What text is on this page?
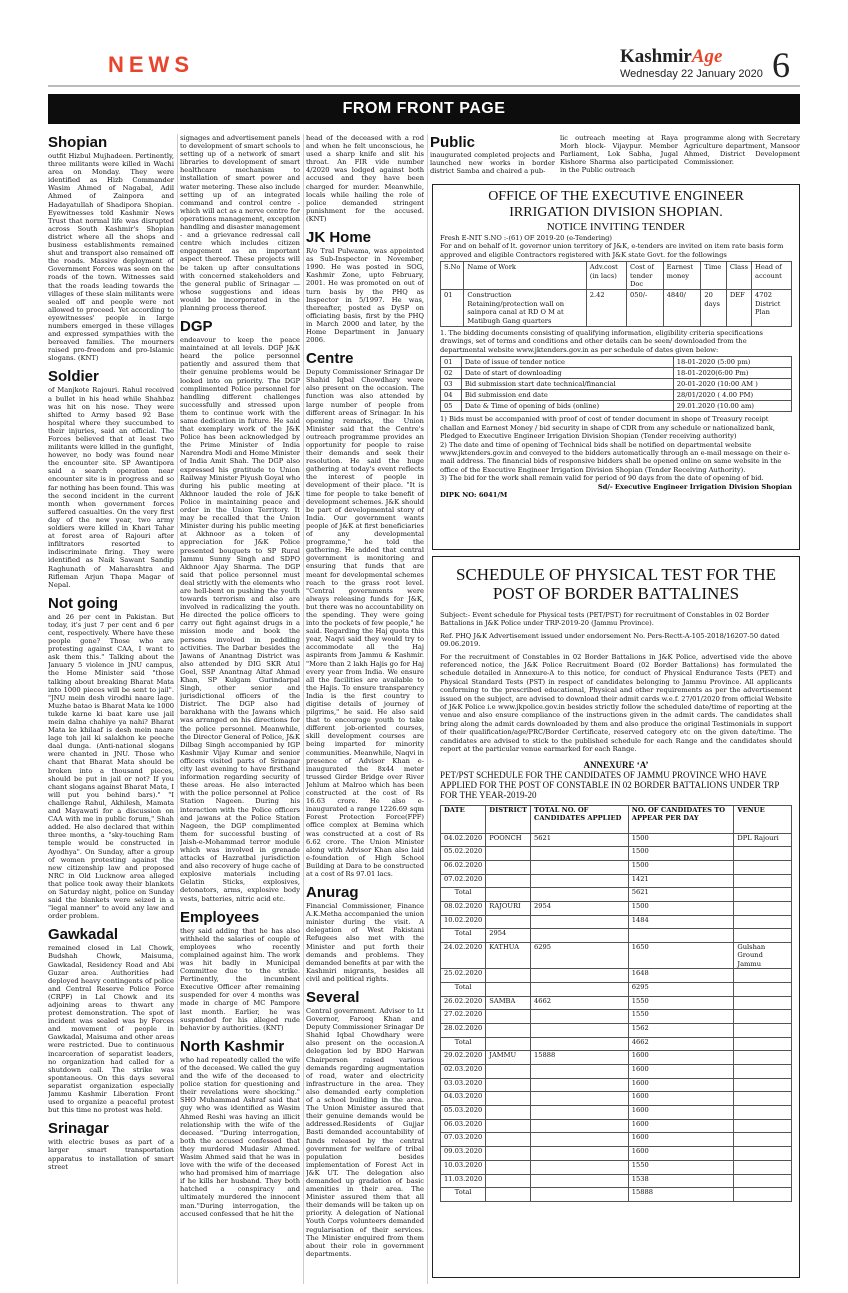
NEWS	KashmirAge
Wednesday 22 January 2020 6
FROM FRONT PAGE
Shopian

outfit Hizbul Mujhadeen. Pertinently, three militants were killed in Wachi area on Monday. They were identified as Hizb Commander Wasim Ahmed of Nagabal, Adil Ahmed of Zainpora and Hadayatullah of Shadipora Shopian. Eyewitnesses told Kashmir News Trust that normal life was disrupted across South Kashmir's Shopian district where all the shops and business establishments remained shut and transport also remained off the roads. Massive deployment of Government Forces was seen on the roads of the town. Witnesses said that the roads leading towards the villages of these slain militants were sealed off and people were not allowed to proceed. Yet according to eyewitnesses' people in large numbers emerged in these villages and expressed sympathies with the bereaved families. The mourners raised pro-freedom and pro-Islamic slogans. (KNT)

Soldier

of Manjkote Rajouri. Rahul received a bullet in his head while Shahbaz was hit on his nose. They were shifted to Army based 92 Base hospital where they succumbed to their injuries, said an official. The Forces believed that at least two militants were killed in the gunfight, however, no body was found near the encounter site. SP Awantipora said a search operation near encounter site is in progress and so far nothing has been found. This was the second incident in the current month when government forces suffered casualties. On the very first day of the new year, two army soldiers were killed in Khari Tahar at forest area of Rajouri after infiltrators resorted to indiscriminate firing. They were identified as Naik Sawant Sandip Raghunath of Maharashtra and Rifleman Arjun Thapa Magar of Nepal.

Not going

and 26 per cent in Pakistan. But today, it's just 7 per cent and 6 per cent, respectively. Where have these people gone? Those who are protesting against CAA, I want to ask them this." Talking about the January 5 violence in JNU campus, the Home Minister said "those talking about breaking Bharat Mata into 1000 pieces will be sent to jail". "JNU mein desh virodhi naare lage. Muzhe batao is Bharat Mata ke 1000 tukde karne ki baat kare use jail mein dalna chahiye ya nahi? Bharat Mata ke khilaaf is desh mein naare lage toh jail ki salakhon ke peeche daal dunga. (Anti-national slogans were chanted in JNU. Those who chant that Bharat Mata should be broken into a thousand pieces, should be put in jail or not? If you chant slogans against Bharat Mata, I will put you behind bars)." "I challenge Rahul, Akhilesh, Mamata and Mayawati for a discussion on CAA with me in public forum," Shah added. He also declared that within three months, a "sky-touching Ram temple would be constructed in Ayodhya". On Sunday, after a group of women protesting against the new citizenship law and proposed NRC in Old Lucknow area alleged that police took away their blankets on Saturday night, police on Sunday said the blankets were seized in a "legal manner" to avoid any law and order problem.

Gawkadal

remained closed in Lal Chowk, Budshah Chowk, Maisuma, Gawkadal, Residency Road and Abi Guzar area. Authorities had deployed heavy contingents of police and Central Reserve Police Force (CRPF) in Lal Chowk and its adjoining areas to thwart any protest demonstration. The spot of incident was sealed was by Forces and movement of people in Gawkadal, Maisuma and other areas were restricted. Due to continuous incarceration of separatist leaders, no organization had called for a shutdown call. The strike was spontaneous. On this days several separatist organization especially Jammu Kashmir Liberation Front used to organize a peaceful protest but this time no protest was held.

Srinagar

with electric buses as part of a larger smart transportation apparatus to installation of smart street

signages and advertisement panels to development of smart schools to setting up of a network of smart libraries to development of smart healthcare mechanism to installation of smart power and water metering. These also include setting up of an integrated command and control centre - which will act as a nerve centre for operations management, exception handling and disaster management - and a grievance redressal call centre which includes citizen engagement as an important aspect thereof. These projects will be taken up after consultations with concerned stakeholders and the general public of Srinagar — whose suggestions and ideas would be incorporated in the planning process thereof.

DGP

endeavour to keep the peace maintained at all levels. DGP J&K heard the police personnel patiently and assured them that their genuine problems would be looked into on priority. The DGP complimented Police personnel for handling different challenges successfully and stressed upon them to continue work with the same dedication in future. He said that exemplary work of the J&K Police has been acknowledged by the Prime Minister of India Narendra Modi and Home Minister of India Amit Shah. The DGP also expressed his gratitude to Union Railway Minister Piyush Goyal who during his public meeting at Akhnoor lauded the role of J&K Police in maintaining peace and order in the Union Territory. It may be recalled that the Union Minister during his public meeting at Akhnoor as a token of appreciation for J&K Police presented bouquets to SP Rural Jammu Sunny Singh and SDPO Akhnoor Ajay Sharma. The DGP said that police personnel must deal strictly with the elements who are hell-bent on pushing the youth towards terrorism and also are involved in radicalizing the youth. He directed the police officers to carry out fight against drugs in a mission mode and book the persons involved in peddling activities. The Darbar besides the Jawans of Anantnag District was also attended by DIG SKR Atul Goel, SSP Anantnag Altaf Ahmad Khan, SP Kulgam Gurindarpal Singh, other senior and jurisdictional officers of the District. The DGP also had barakhana with the Jawans which was arranged on his directions for the police personnel. Meanwhile, the Director General of Police, J&K Dilbag Singh accompanied by IGP Kashmir Vijay Kumar and senior officers visited parts of Srinagar city last evening to have firsthand information regarding security of these areas. He also interacted with the police personnel at Police Station Nageen. During his interaction with the Police officers and jawans at the Police Station Nageen, the DGP complimented them for successful busting of Jaish-e-Mohammad terror module which was involved in grenade attacks of Hazratbal jurisdiction and also recovery of huge cache of explosive materials including Gelatin Sticks, explosives, detonators, arms, explosive body vests, batteries, nitric acid etc.

Employees

they said adding that he has also withheld the salaries of couple of employees who recently complained against him. The work was hit badly in Municipal Committee due to the strike. Pertinently, the incumbent Executive Officer after remaining suspended for over 4 months was made in charge of MC Pampore last month. Earlier, he was suspended for his alleged rude behavior by authorities. (KNT)

North Kashmir

who had repeatedly called the wife of the deceased. We called the guy and the wife of the deceased to police station for questioning and their revelations were shocking." SHO Muhammad Ashraf said that guy who was identified as Wasim Ahmed Reshi was having an illicit relationship with the wife of the deceased. "During interrogation, both the accused confessed that they murdered Mudasir Ahmed. Wasim Ahmed said that he was in love with the wife of the deceased who had promised him of marriage if he kills her husband. They both hatched a conspiracy and ultimately murdered the innocent man."During interrogation, the accused confessed that he hit the

head of the deceased with a rod and when he felt unconscious, he used a sharp knife and slit his throat. An FIR vide number 4/2020 was lodged against both accused and they have been charged for murder. Meanwhile, locals while hailing the role of police demanded stringent punishment for the accused. (KNT)

JK Home

R/o Tral Pulwama, was appointed as Sub-Inspector in November, 1990. He was posted in SOG, Kashmir Zone, upto February, 2001. He was promoted on out of turn basis by the PHQ as Inspector in 5/1997. He was, thereafter, posted as DySP on officiating basis, first by the PHQ in March 2000 and later, by the Home Department in January 2006.

Centre

Deputy Commissioner Srinagar Dr Shahid Iqbal Chowdhary were also present on the occasion. The function was also attended by large number of people from different areas of Srinagar. In his opening remarks, the Union Minister said that the Centre's outreach programme provides an opportunity for people to raise their demands and seek their resolution. He said the huge gathering at today's event reflects the interest of people in development of their place. "It is time for people to take benefit of development schemes. J&K should be part of developmental story of India. Our government wants people of J&K at first beneficiaries of any developmental programme," he told the gathering. He added that central government is monitoring and ensuring that funds that are meant for developmental schemes reach to the grass root level. "Central governments were always releasing funds for J&K, but there was no accountability on the spending. They were going into the pockets of few people," he said. Regarding the Haj quota this year, Naqvi said they would try to accommodate all the Haj aspirants from Jammu & Kashmir. "More than 2 lakh Hajis go for Haj every year from India. We ensure all the facilities are available to the Hajis. To ensure transparency India is the first country to digitise details of journey of pilgrims," he said. He also said that to encourage youth to take different job-oriented courses, skill development courses are being imparted for minority communities. Meanwhile, Naqvi in presence of Advisor Khan e-inaugurated the 8x44 meter trussed Girder Bridge over River Jehlum at Malroo which has been constructed at the cost of Rs 16.63 crore. He also e-inaugurated a range 1226.69 sqm Forest Protection Force(FPF) office complex at Bemina which was constructed at a cost of Rs 6.62 crore. The Union Minister along with Advisor Khan also laid e-foundation of High School Building at Dara to be constructed at a cost of Rs 97.01 lacs.

Anurag

Financial Commissioner, Finance A.K.Metha accompanied the union minister during the visit. A delegation of West Pakistani Refugees also met with the Minister and put forth their demands and problems. They demanded benefits at par with the Kashmiri migrants, besides all civil and political rights.

Several

Central government. Advisor to Lt Governor, Farooq Khan and Deputy Commissioner Srinagar Dr Shahid Iqbal Chowdhary were also present on the occasion.A delegation led by BDO Harwan Chairperson raised various demands regarding augmentation of road, water and electricity infrastructure in the area. They also demanded early completion of a school building in the area. The Union Minister assured that their genuine demands would be addressed.Residents of Gujjar Basti demanded accountability of funds released by the central government for welfare of tribal population besides implementation of Forest Act in J&K UT. The delegation also demanded up gradation of basic amenities in their area. The Minister assured them that all their demands will be taken up on priority. A delegation of National Youth Corps volunteers demanded regularisation of their services. The Minister enquired from them about their role in government departments.

Public

inaugurated completed projects and launched new works in border district Samba and chaired a pub-

lic outreach meeting at Raya Morh block- Vijaypur. Member Parliament, Lok Sabha, Jugal Kishore Sharma also participated in the Public outreach
programme along with Secretary Agriculture department, Mansoor Ahmed, District Development Commissioner.
OFFICE OF THE EXECUTIVE ENGINEER
IRRIGATION DIVISION SHOPIAN.
NOTICE INVITING TENDER

Fresh E-NIT S.NO :-(61) OF 2019-20 (e-Tendering)

For and on behalf of lt. governor union territory of J&K, e-tenders are invited on item rate basis form approved and eligible Contractors registered with J&K state Govt. for the followings

S.No	Name of Work	Adv.cost (in lacs)	Cost of tender Doc	Earnest money	Time	Class	Head of account
01	Construction Retaining/protection wall on sainpora canal at RD O M at Matibugh Gang quarters	2.42	050/-	4840/	20 days	DEF	4702 District Plan

1. The bidding documents consisting of qualifying information, eligibility criteria specifications drawings, set of terms and conditions and other details can be seen/ downloaded from the departmental website www.jktenders.gov.in as per schedule of dates given below:

01	Date of issue of tender notice	18-01-2020 (5:00 pm)
02	Date of start of downloading	18-01-2020(6:00 Pm)
03	Bid submission start date technical/financial	20-01-2020 (10:00 AM )
04	Bid submission end date	28/01/2020 ( 4.00 PM)
05	Date & Time of opening of bids (online)	29.01.2020 (10.00 am)

1) Bids must be accompanied with proof of cost of tender document in shope of Treasury receipt challan and Earnest Money / bid security in shape of CDR from any schedule or nationalized bank, Pledged to Executive Engineer Irrigation Division Shopian (Tender receiving authority)

2) The date and time of opening of Technical bids shall be notified on departmental website www.jktenders.gov.in and conveyed to the bidders automatically through an e-mail message on their e-mail address. The financial bids of responsive bidders shall be opened online on same website in the office of the Executive Engineer Irrigation Division Shopian (Tender Receiving Authority).

3) The bid for the work shall remain valid for period of 90 days from the date of opening of bid.

Sd/- Executive Engineer Irrigation Division Shopian

DIPK NO: 6041/M

SCHEDULE OF PHYSICAL TEST FOR THE POST OF BORDER BATTALINES

Subject:- Event schedule for Physical tests (PET/PST) for recruitment of Constables in 02 Border Battalions in J&K Police under TRP-2019-20 (Jammu Province).

Ref. PHQ J&K Advertisement issued under endorsement No. Pers-Rectt-A-105-2018/16207-50 dated 09.06.2019.

For the recruitment of Constables in 02 Border Battalions in J&K Police, advertised vide the above referenced notice, the J&K Police Recruitment Board (02 Border Battalions) has formulated the schedule detailed in Annexure-A to this notice, for conduct of Physical Endurance Tests (PET) and Physical Standard Tests (PST) in respect of candidates belonging to Jammu Province. All applicants conforming to the prescribed educational, Physical and other requirements as per the advertisement issued on the subject, are advised to download their admit cards w.e.f. 27/01/2020 from official Website of J&K Police i.e www.jkpolice.gov.in besides strictly follow the scheduled date/time of reporting at the venue and also ensure compliance of the instructions given in the admit cards. The candidates shall bring along the admit cards downloaded by them and also produce the original Testimonials in support of their qualification/age/PRC/Border Certificate, reserved category etc on the given date/time. The candidates are advised to stick to the published schedule for each Range and the candidates should report at the particular venue earmarked for each Range.

ANNEXURE ‘A’
PET/PST SCHEDULE FOR THE CANDIDATES OF JAMMU PROVINCE WHO HAVE APPLIED FOR THE POST OF CONSTABLE IN 02 BORDER BATTALIONS UNDER TRP FOR THE YEAR-2019-20
DATE	DISTRICT	TOTAL NO. OF CANDIDATES APPLIED	NO. OF CANDIDATES TO APPEAR PER DAY	VENUE
04.02.2020	POONCH	5621	1500	DPL Rajouri
05.02.2020			1500	
06.02.2020			1500	
07.02.2020			1421	
Total			5621	
08.02.2020	RAJOURI	2954	1500	
10.02.2020			1484	
Total	2954			
24.02.2020	KATHUA	6295	1650	Gulshan Ground Jammu
25.02.2020			1648	
Total			6295	
26.02.2020	SAMBA	4662	1550	
27.02.2020			1550	
28.02.2020			1562	
Total			4662	
29.02.2020	JAMMU	15888	1600	
02.03.2020			1600	
03.03.2020			1600	
04.03.2020			1600	
05.03.2020			1600	
06.03.2020			1600	
07.03.2020			1600	
09.03.2020			1600	
10.03.2020			1550	
11.03.2020			1538	
Total			15888	
